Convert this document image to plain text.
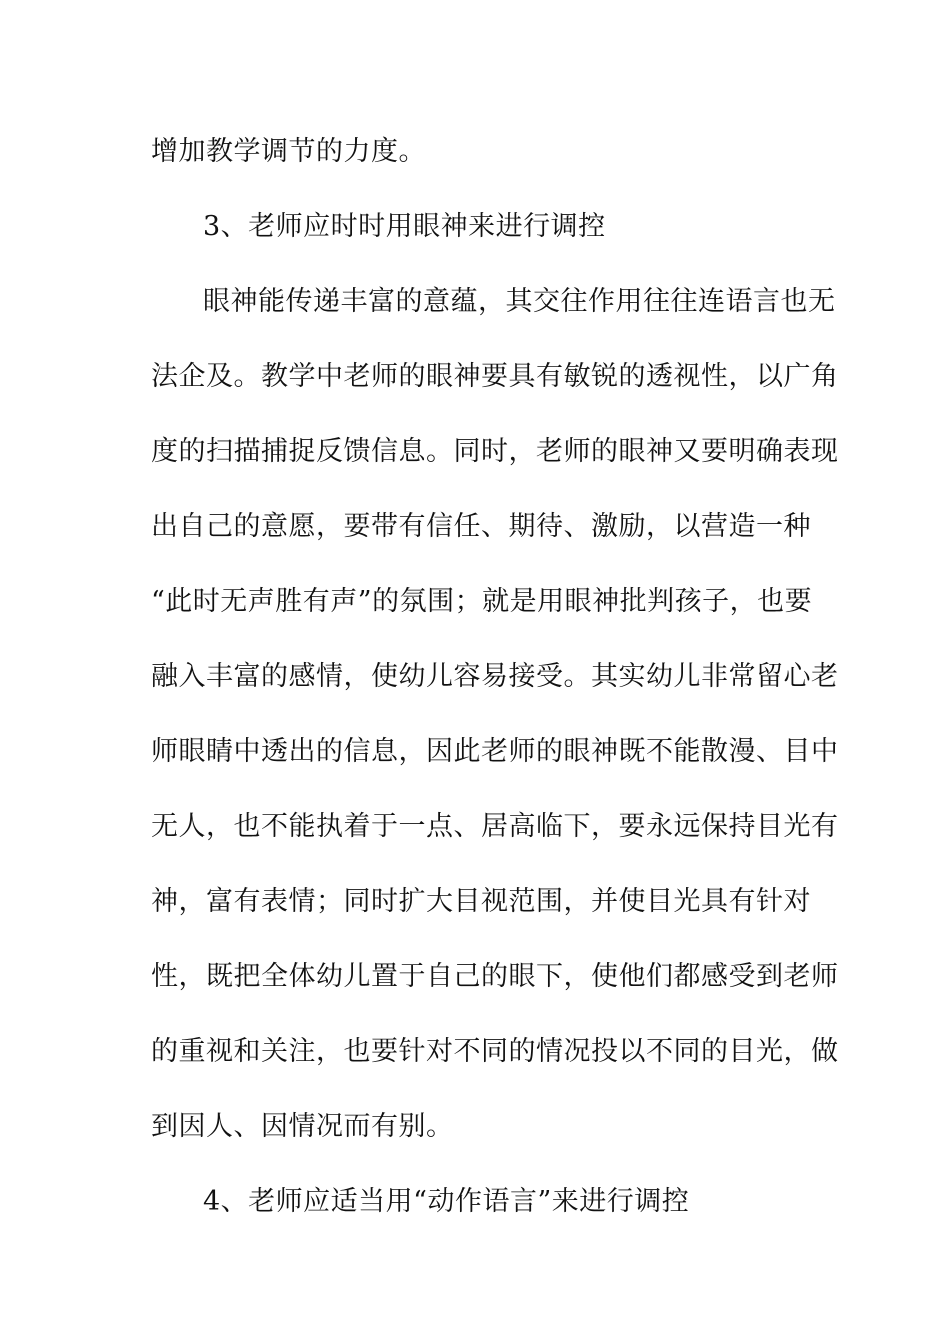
增加教学调节的力度。
3、老师应时时用眼神来进行调控
眼神能传递丰富的意蕴，其交往作用往往连语言也无
法企及。教学中老师的眼神要具有敏锐的透视性，以广角
度的扫描捕捉反馈信息。同时，老师的眼神又要明确表现
出自己的意愿，要带有信任、期待、激励，以营造一种
“此时无声胜有声”的氛围；就是用眼神批判孩子，也要
融入丰富的感情，使幼儿容易接受。其实幼儿非常留心老
师眼睛中透出的信息，因此老师的眼神既不能散漫、目中
无人，也不能执着于一点、居高临下，要永远保持目光有
神，富有表情；同时扩大目视范围，并使目光具有针对
性，既把全体幼儿置于自己的眼下，使他们都感受到老师
的重视和关注，也要针对不同的情况投以不同的目光，做
到因人、因情况而有别。
4、老师应适当用“动作语言”来进行调控
